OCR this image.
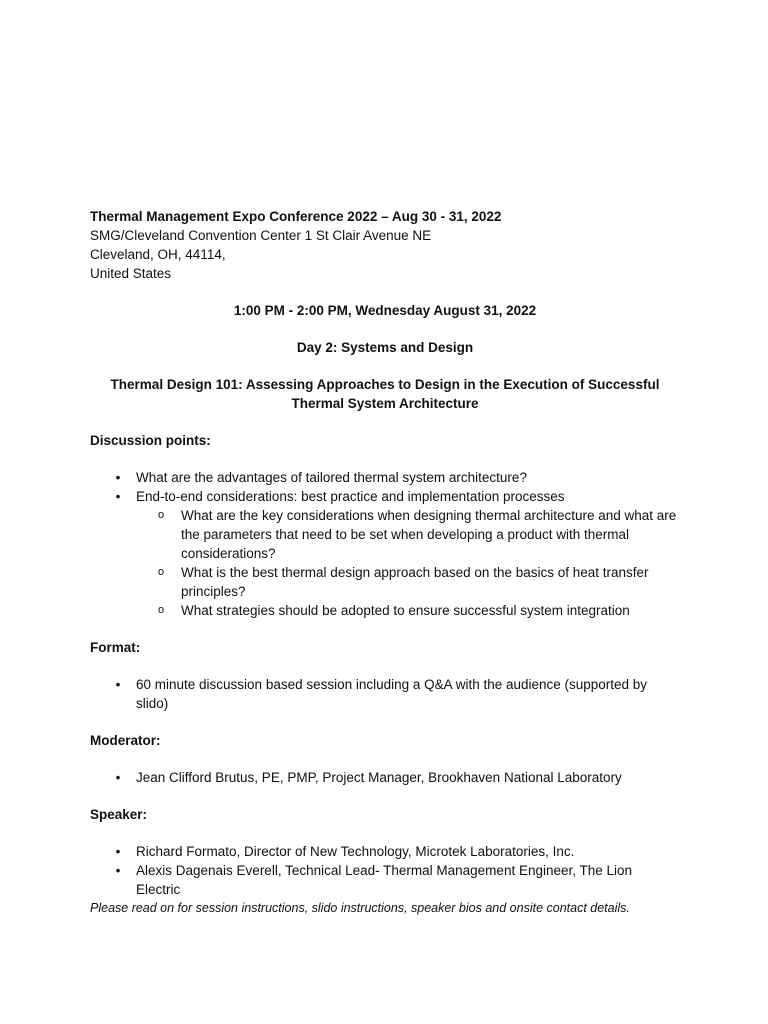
Thermal Management Expo Conference 2022 – Aug 30 - 31, 2022

SMG/Cleveland Convention Center 1 St Clair Avenue NE

Cleveland, OH, 44114,

United States

1:00 PM - 2:00 PM, Wednesday August 31, 2022

Day 2: Systems and Design

Thermal Design 101: Assessing Approaches to Design in the Execution of Successful Thermal System Architecture

Discussion points:

• What are the advantages of tailored thermal system architecture?
• End-to-end considerations: best practice and implementation processes
o What are the key considerations when designing thermal architecture and what are the parameters that need to be set when developing a product with thermal considerations?
o What is the best thermal design approach based on the basics of heat transfer principles?
o What strategies should be adopted to ensure successful system integration

Format:

• 60 minute discussion based session including a Q&A with the audience (supported by slido)

Moderator:

• Jean Clifford Brutus, PE, PMP, Project Manager, Brookhaven National Laboratory

Speaker:

• Richard Formato, Director of New Technology, Microtek Laboratories, Inc.
• Alexis Dagenais Everell, Technical Lead- Thermal Management Engineer, The Lion Electric

Please read on for session instructions, slido instructions, speaker bios and onsite contact details.
